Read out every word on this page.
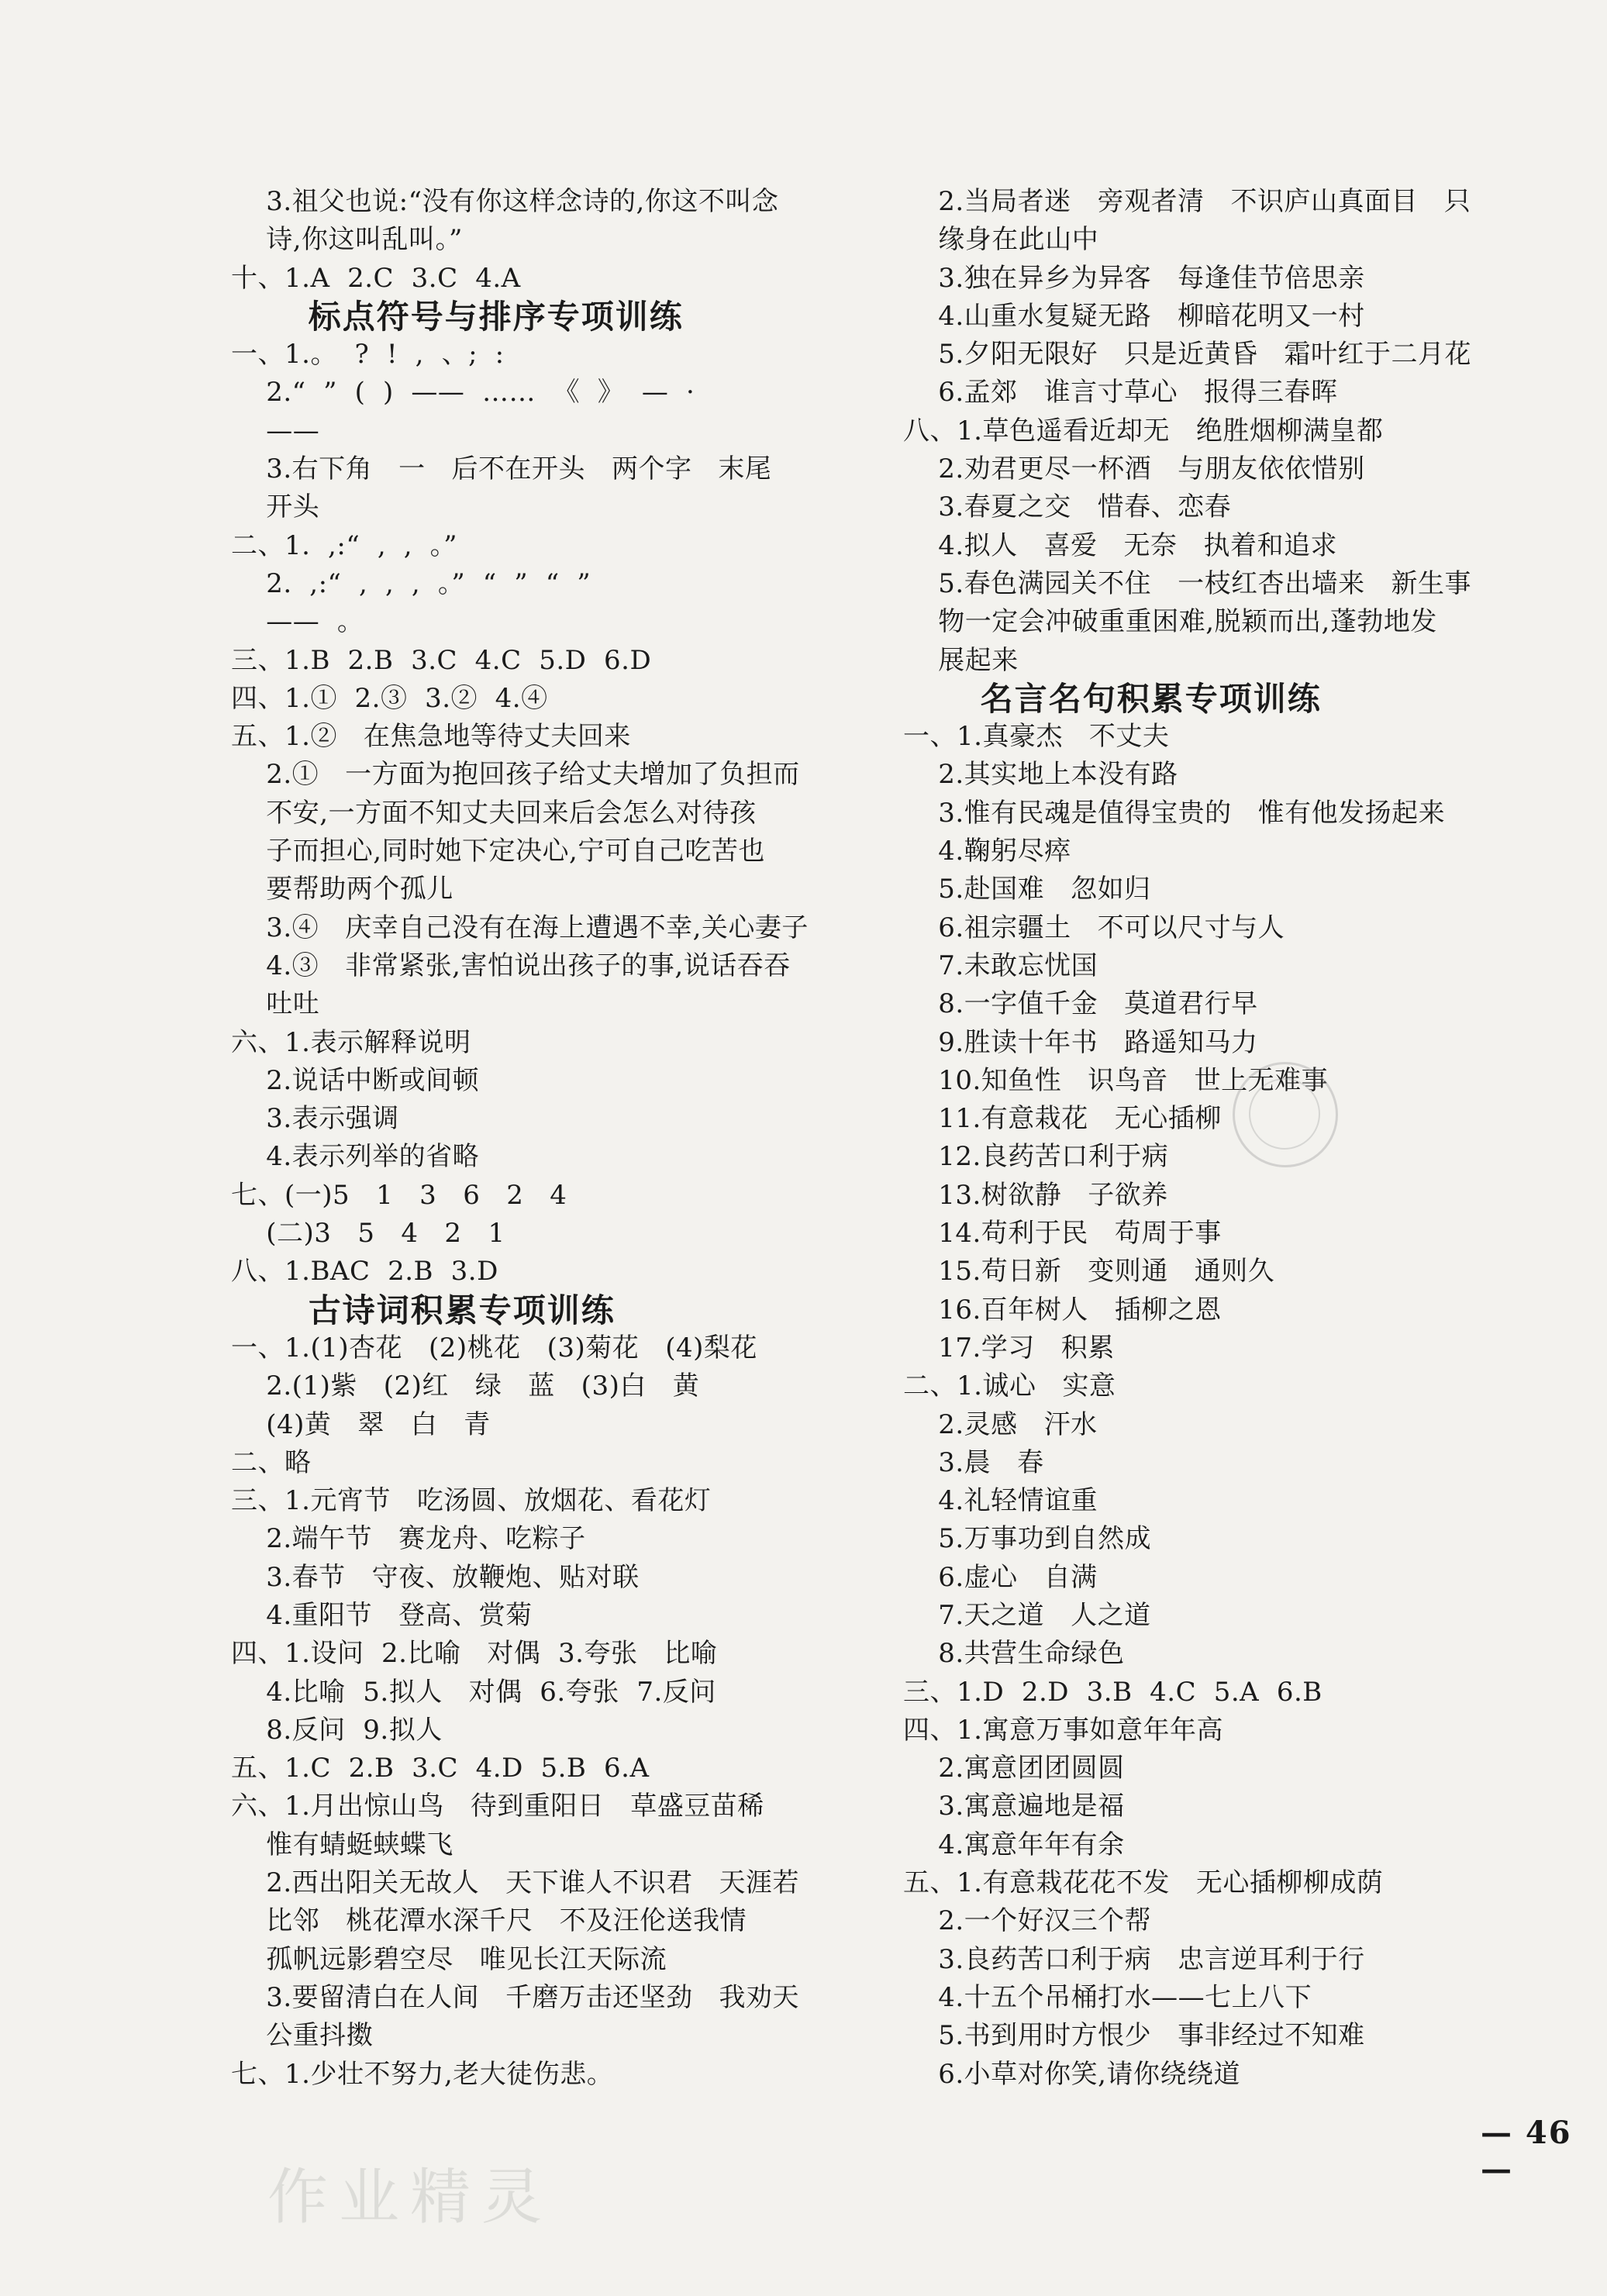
3.祖父也说:“没有你这样念诗的,你这不叫念
诗,你这叫乱叫。”
十、1.A  2.C  3.C  4.A
标点符号与排序专项训练
一、1.。  ?  !  ,  、;  :
2.“  ”  (  )  ——  ……  《  》  —  ·
——
3.右下角   一   后不在开头   两个字   末尾
开头
二、1.  ,:“  ,  ,  。”
2.  ,:“  ,  ,  ,  。”  “  ”  “  ”
——  。
三、1.B  2.B  3.C  4.C  5.D  6.D
四、1.①  2.③  3.②  4.④
五、1.②   在焦急地等待丈夫回来
2.①   一方面为抱回孩子给丈夫增加了负担而
不安,一方面不知丈夫回来后会怎么对待孩
子而担心,同时她下定决心,宁可自己吃苦也
要帮助两个孤儿
3.④   庆幸自己没有在海上遭遇不幸,关心妻子
4.③   非常紧张,害怕说出孩子的事,说话吞吞
吐吐
六、1.表示解释说明
2.说话中断或间顿
3.表示强调
4.表示列举的省略
七、(一)5   1   3   6   2   4
(二)3   5   4   2   1
八、1.BAC  2.B  3.D
古诗词积累专项训练
一、1.(1)杏花   (2)桃花   (3)菊花   (4)梨花
2.(1)紫   (2)红   绿   蓝   (3)白   黄
(4)黄   翠   白   青
二、略
三、1.元宵节   吃汤圆、放烟花、看花灯
2.端午节   赛龙舟、吃粽子
3.春节   守夜、放鞭炮、贴对联
4.重阳节   登高、赏菊
四、1.设问  2.比喻   对偶  3.夸张   比喻
4.比喻  5.拟人   对偶  6.夸张  7.反问
8.反问  9.拟人
五、1.C  2.B  3.C  4.D  5.B  6.A
六、1.月出惊山鸟   待到重阳日   草盛豆苗稀
惟有蜻蜓蛱蝶飞
2.西出阳关无故人   天下谁人不识君   天涯若
比邻   桃花潭水深千尺   不及汪伦送我情
孤帆远影碧空尽   唯见长江天际流
3.要留清白在人间   千磨万击还坚劲   我劝天
公重抖擞
七、1.少壮不努力,老大徒伤悲。
2.当局者迷   旁观者清   不识庐山真面目   只
缘身在此山中
3.独在异乡为异客   每逢佳节倍思亲
4.山重水复疑无路   柳暗花明又一村
5.夕阳无限好   只是近黄昏   霜叶红于二月花
6.孟郊   谁言寸草心   报得三春晖
八、1.草色遥看近却无   绝胜烟柳满皇都
2.劝君更尽一杯酒   与朋友依依惜别
3.春夏之交   惜春、恋春
4.拟人   喜爱   无奈   执着和追求
5.春色满园关不住   一枝红杏出墙来   新生事
物一定会冲破重重困难,脱颖而出,蓬勃地发
展起来
名言名句积累专项训练
一、1.真豪杰   不丈夫
2.其实地上本没有路
3.惟有民魂是值得宝贵的   惟有他发扬起来
4.鞠躬尽瘁
5.赴国难   忽如归
6.祖宗疆土   不可以尺寸与人
7.未敢忘忧国
8.一字值千金   莫道君行早
9.胜读十年书   路遥知马力
10.知鱼性   识鸟音   世上无难事
11.有意栽花   无心插柳
12.良药苦口利于病
13.树欲静   子欲养
14.苟利于民   苟周于事
15.苟日新   变则通   通则久
16.百年树人   插柳之恩
17.学习   积累
二、1.诚心   实意
2.灵感   汗水
3.晨   春
4.礼轻情谊重
5.万事功到自然成
6.虚心   自满
7.天之道   人之道
8.共营生命绿色
三、1.D  2.D  3.B  4.C  5.A  6.B
四、1.寓意万事如意年年高
2.寓意团团圆圆
3.寓意遍地是福
4.寓意年年有余
五、1.有意栽花花不发   无心插柳柳成荫
2.一个好汉三个帮
3.良药苦口利于病   忠言逆耳利于行
4.十五个吊桶打水——七上八下
5.书到用时方恨少   事非经过不知难
6.小草对你笑,请你绕绕道
作业精灵
— 46 —
